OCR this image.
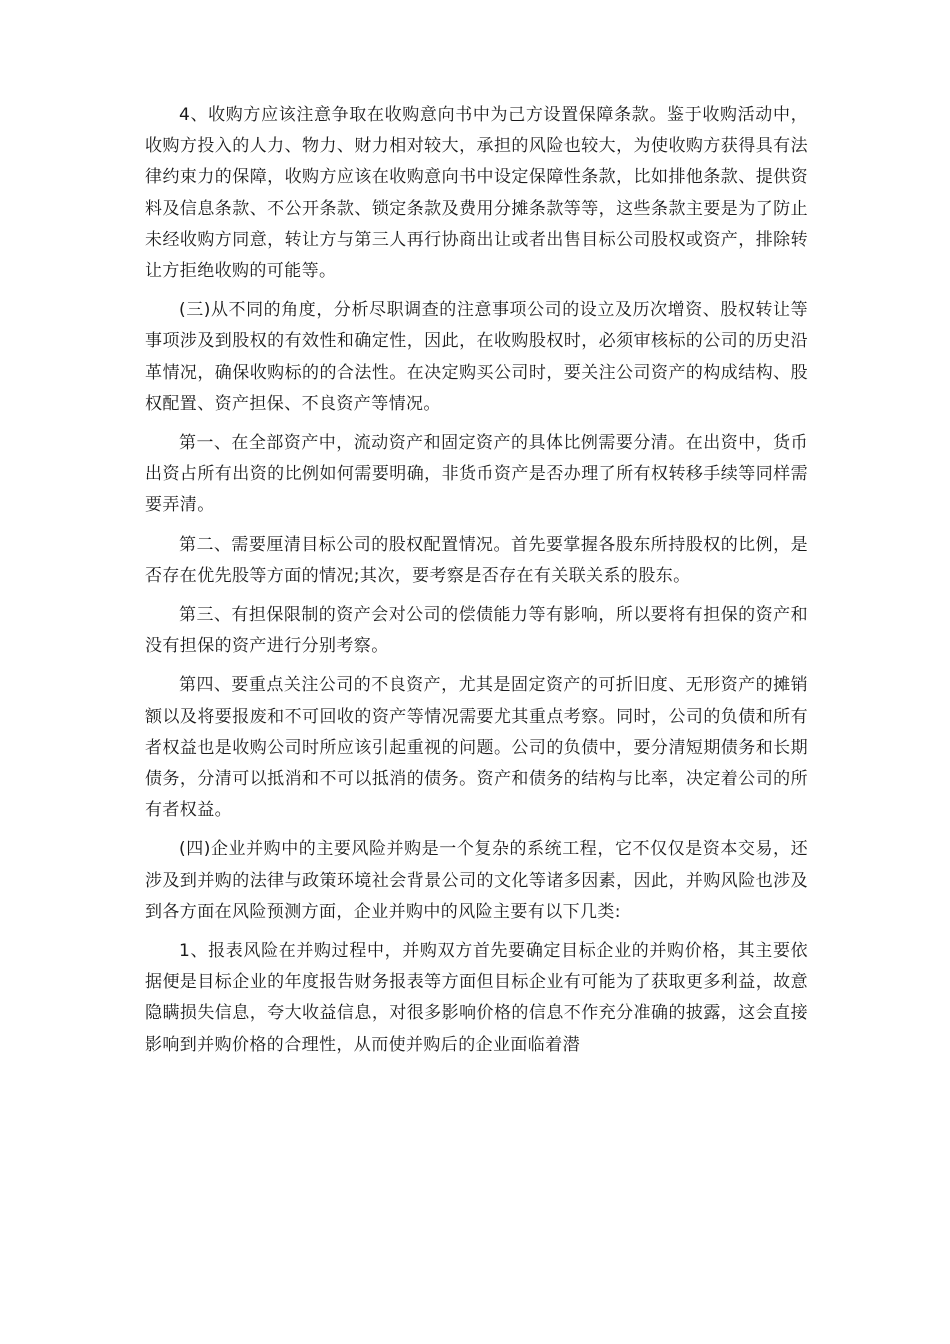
4、收购方应该注意争取在收购意向书中为己方设置保障条款。鉴于收购活动中，收购方投入的人力、物力、财力相对较大，承担的风险也较大，为使收购方获得具有法律约束力的保障，收购方应该在收购意向书中设定保障性条款，比如排他条款、提供资料及信息条款、不公开条款、锁定条款及费用分摊条款等等，这些条款主要是为了防止未经收购方同意，转让方与第三人再行协商出让或者出售目标公司股权或资产，排除转让方拒绝收购的可能等。

(三)从不同的角度，分析尽职调查的注意事项公司的设立及历次增资、股权转让等事项涉及到股权的有效性和确定性，因此，在收购股权时，必须审核标的公司的历史沿革情况，确保收购标的的合法性。在决定购买公司时，要关注公司资产的构成结构、股权配置、资产担保、不良资产等情况。

第一、在全部资产中，流动资产和固定资产的具体比例需要分清。在出资中，货币出资占所有出资的比例如何需要明确，非货币资产是否办理了所有权转移手续等同样需要弄清。

第二、需要厘清目标公司的股权配置情况。首先要掌握各股东所持股权的比例，是否存在优先股等方面的情况;其次，要考察是否存在有关联关系的股东。

第三、有担保限制的资产会对公司的偿债能力等有影响，所以要将有担保的资产和没有担保的资产进行分别考察。

第四、要重点关注公司的不良资产，尤其是固定资产的可折旧度、无形资产的摊销额以及将要报废和不可回收的资产等情况需要尤其重点考察。同时，公司的负债和所有者权益也是收购公司时所应该引起重视的问题。公司的负债中，要分清短期债务和长期债务，分清可以抵消和不可以抵消的债务。资产和债务的结构与比率，决定着公司的所有者权益。

(四)企业并购中的主要风险并购是一个复杂的系统工程，它不仅仅是资本交易，还涉及到并购的法律与政策环境社会背景公司的文化等诸多因素，因此，并购风险也涉及到各方面在风险预测方面，企业并购中的风险主要有以下几类:

1、报表风险在并购过程中，并购双方首先要确定目标企业的并购价格，其主要依据便是目标企业的年度报告财务报表等方面但目标企业有可能为了获取更多利益，故意隐瞒损失信息，夸大收益信息，对很多影响价格的信息不作充分准确的披露，这会直接影响到并购价格的合理性，从而使并购后的企业面临着潜
